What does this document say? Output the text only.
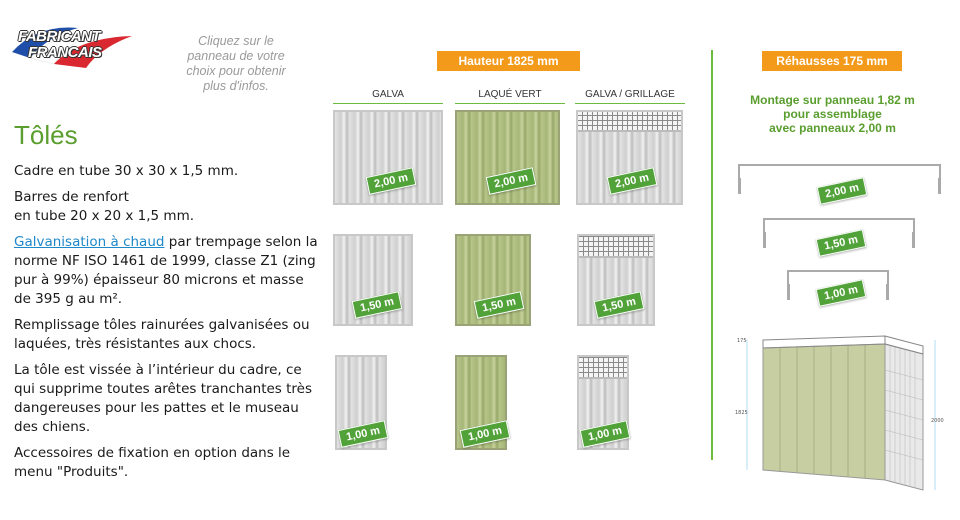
FABRICANT
FRANCAIS
Cliquez sur le panneau de votre choix pour obtenir plus d'infos.
Tôlés

Cadre en tube 30 x 30 x 1,5 mm.

Barres de renfort
en tube 20 x 20 x 1,5 mm.

Galvanisation à chaud par trempage selon la norme NF ISO 1461 de 1999, classe Z1 (zing pur à 99%) épaisseur 80 microns et masse de 395 g au m².

Remplissage tôles rainurées galvanisées ou laquées, très résistantes aux chocs.

La tôle est vissée à l’intérieur du cadre, ce qui supprime toutes arêtes tranchantes très dangereuses pour les pattes et le museau des chiens.

Accessoires de fixation en option dans le menu "Produits".

Hauteur 1825 mm	Réhausses 175 mm
GALVA	LAQUÉ VERT	GALVA / GRILLAGE
2,00 m	2,00 m	2,00 m
1,50 m	1,50 m	1,50 m
1,00 m	1,00 m	1,00 m
Montage sur panneau 1,82 m
pour assemblage
avec panneaux 2,00 m
2,00 m
1,50 m
1,00 m
175
1825
2000
